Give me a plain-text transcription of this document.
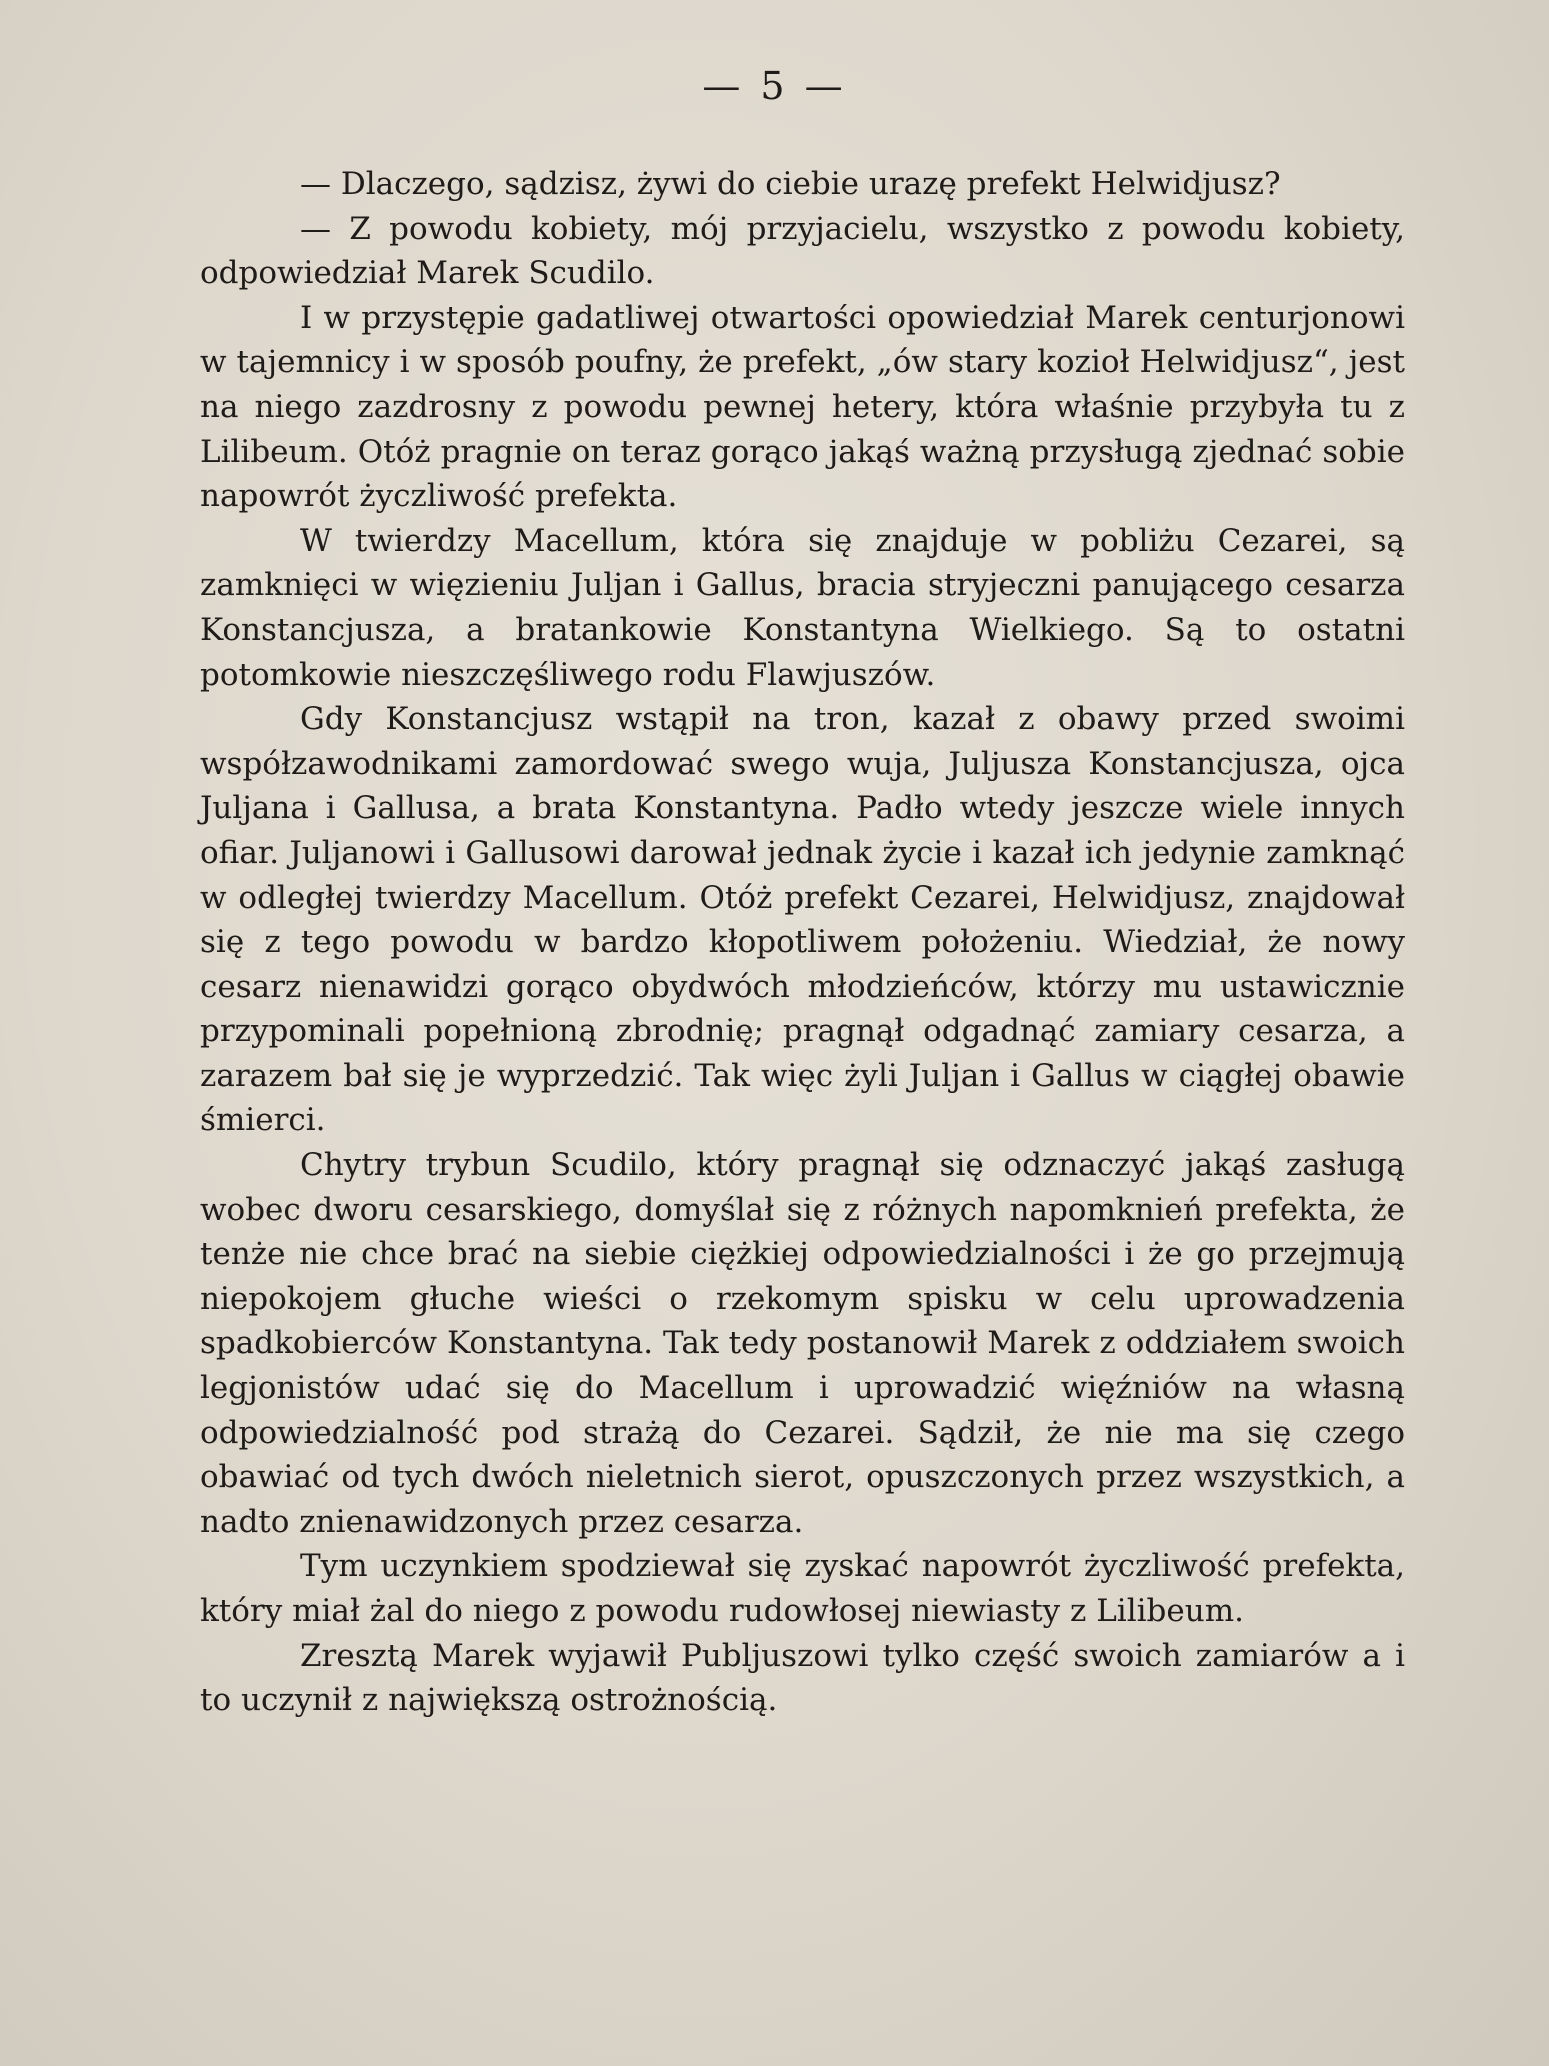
— 5 —

— Dlaczego, sądzisz, żywi do ciebie urazę prefekt Helwidjusz?

— Z powodu kobiety, mój przyjacielu, wszystko z powodu kobiety, odpowiedział Marek Scudilo.

I w przystępie gadatliwej otwartości opowiedział Marek centurjonowi w tajemnicy i w sposób poufny, że prefekt, „ów stary kozioł Helwidjusz“, jest na niego zazdrosny z powodu pewnej hetery, która właśnie przybyła tu z Lilibeum. Otóż pragnie on teraz gorąco jakąś ważną przysługą zjednać sobie napowrót życzliwość prefekta.

W twierdzy Macellum, która się znajduje w pobliżu Cezarei, są zamknięci w więzieniu Juljan i Gallus, bracia stryjeczni panującego cesarza Konstancjusza, a bratankowie Konstantyna Wielkiego. Są to ostatni potomkowie nieszczęśliwego rodu Flawjuszów.

Gdy Konstancjusz wstąpił na tron, kazał z obawy przed swoimi współzawodnikami zamordować swego wuja, Juljusza Konstancjusza, ojca Juljana i Gallusa, a brata Konstantyna. Padło wtedy jeszcze wiele innych ofiar. Juljanowi i Gallusowi darował jednak życie i kazał ich jedynie zamknąć w odległej twierdzy Macellum. Otóż prefekt Cezarei, Helwidjusz, znajdował się z tego powodu w bardzo kłopotliwem położeniu. Wiedział, że nowy cesarz nienawidzi gorąco obydwóch młodzieńców, którzy mu ustawicznie przypominali popełnioną zbrodnię; pragnął odgadnąć zamiary cesarza, a zarazem bał się je wyprzedzić. Tak więc żyli Juljan i Gallus w ciągłej obawie śmierci.

Chytry trybun Scudilo, który pragnął się odznaczyć jakąś zasługą wobec dworu cesarskiego, domyślał się z różnych napomknień prefekta, że tenże nie chce brać na siebie ciężkiej odpowiedzialności i że go przejmują niepokojem głuche wieści o rzekomym spisku w celu uprowadzenia spadkobierców Konstantyna. Tak tedy postanowił Marek z oddziałem swoich legjonistów udać się do Macellum i uprowadzić więźniów na własną odpowiedzialność pod strażą do Cezarei. Sądził, że nie ma się czego obawiać od tych dwóch nieletnich sierot, opuszczonych przez wszystkich, a nadto znienawidzonych przez cesarza.

Tym uczynkiem spodziewał się zyskać napowrót życzliwość prefekta, który miał żal do niego z powodu rudowłosej niewiasty z Lilibeum.

Zresztą Marek wyjawił Publjuszowi tylko część swoich zamiarów a i to uczynił z największą ostrożnością.
